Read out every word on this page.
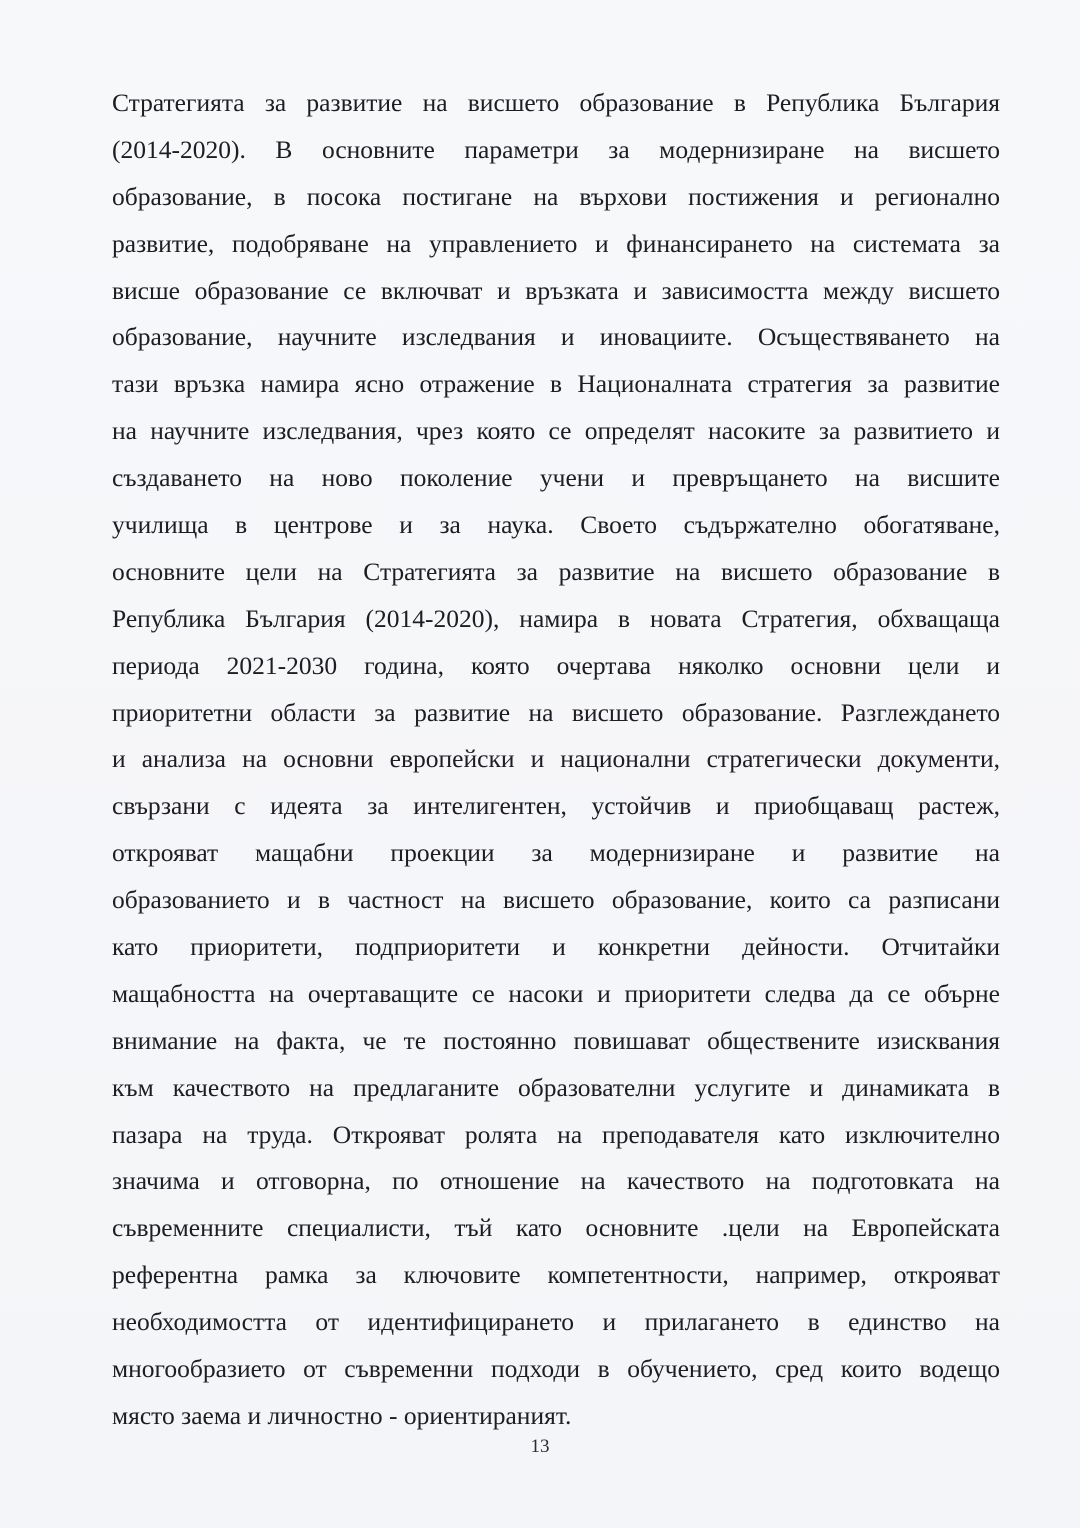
Стратегията за развитие на висшето образование в Република България
(2014-2020). В основните параметри за модернизиране на висшето
образование, в посока постигане на върхови постижения и регионално
развитие, подобряване на управлението и финансирането на системата за
висше образование се включват и връзката и зависимостта между висшето
образование, научните изследвания и иновациите. Осъществяването на
тази връзка намира ясно отражение в Националната стратегия за развитие
на научните изследвания, чрез която се определят насоките за развитието и
създаването на ново поколение учени и превръщането на висшите
училища в центрове и за наука. Своето съдържателно обогатяване,
основните цели на Стратегията за развитие на висшето образование в
Република България (2014-2020), намира в новата Стратегия, обхващаща
периода 2021-2030 година, която очертава няколко основни цели и
приоритетни области за развитие на висшето образование. Разглеждането
и анализа на основни европейски и национални стратегически документи,
свързани с идеята за интелигентен, устойчив и приобщаващ растеж,
открояват мащабни проекции за модернизиране и развитие на
образованието и в частност на висшето образование, които са разписани
като приоритети, подприоритети и конкретни дейности. Отчитайки
мащабността на очертаващите се насоки и приоритети следва да се обърне
внимание на факта, че те постоянно повишават обществените изисквания
към качеството на предлаганите образователни услугите и динамиката в
пазара на труда. Открояват ролята на преподавателя като изключително
значима и отговорна, по отношение на качеството на подготовката на
съвременните специалисти, тъй като основните .цели на Европейската
референтна рамка за ключовите компетентности, например, открояват
необходимостта от идентифицирането и прилагането в единство на
многообразието от съвременни подходи в обучението, сред които водещо
място заема и личностно - ориентираният.
13
